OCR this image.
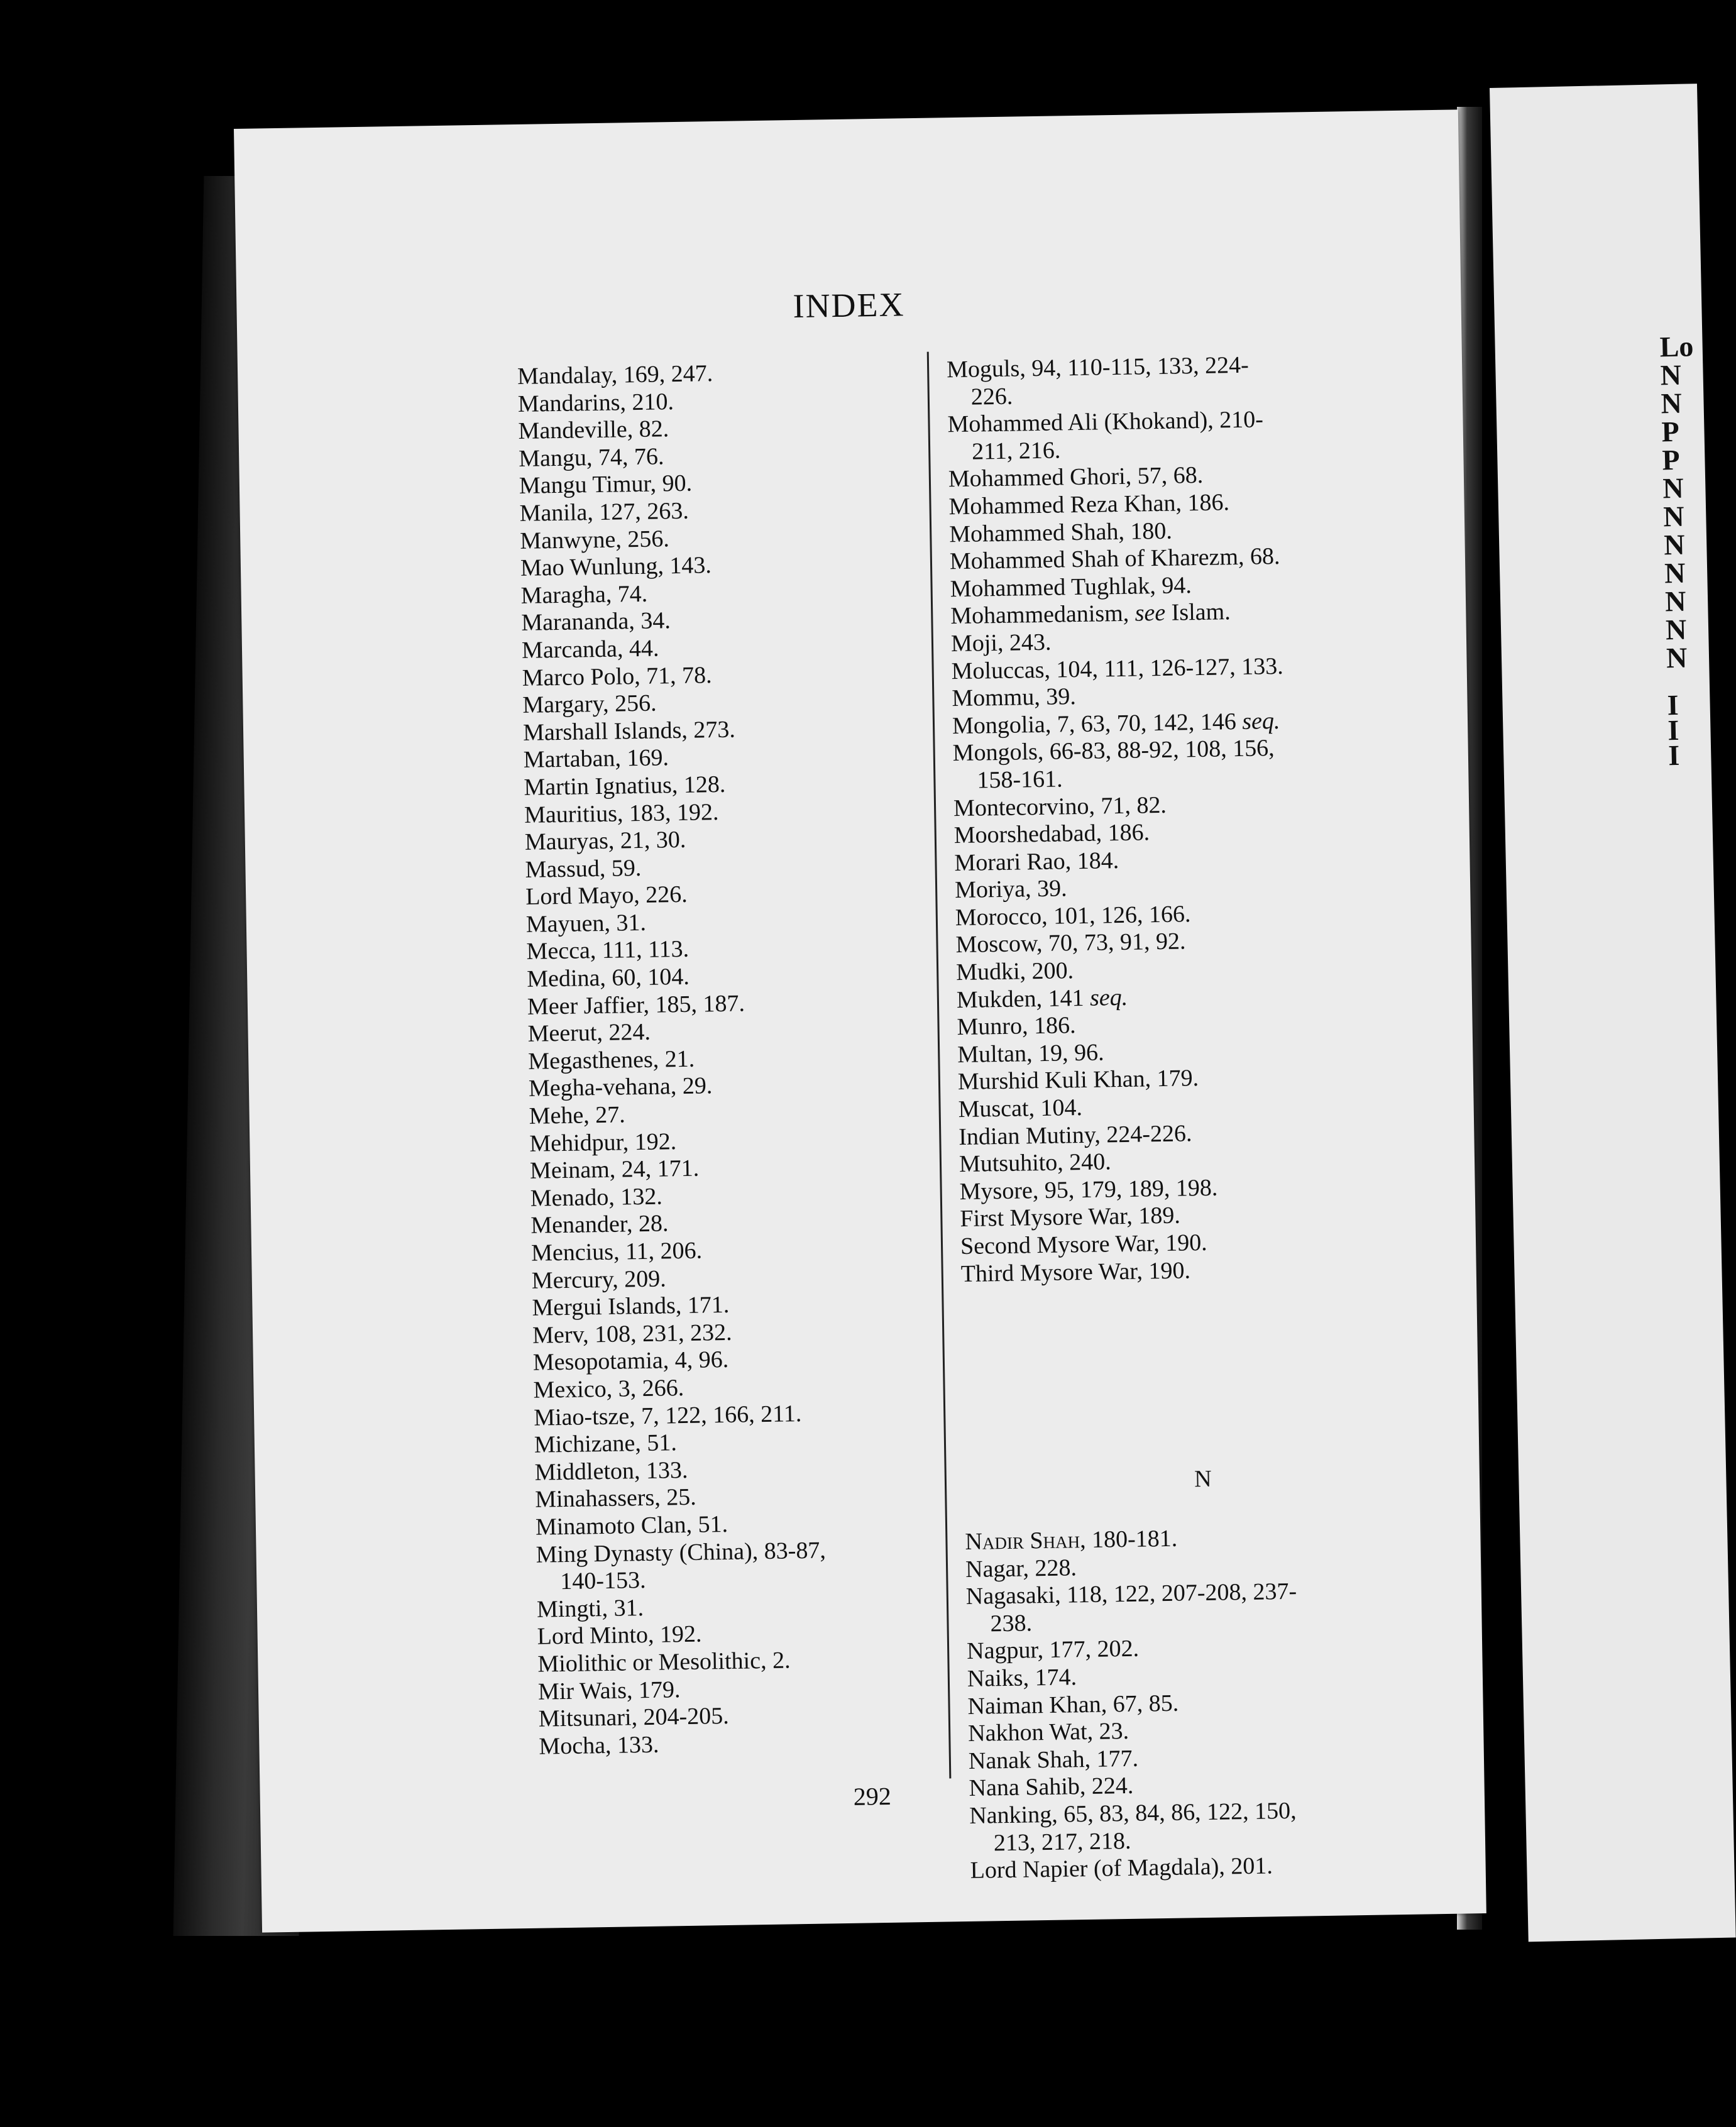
Lo
N
N
P
P
N
N
N
N
N
N
N
I
I
I
INDEX
Mandalay, 169, 247.
Mandarins, 210.
Mandeville, 82.
Mangu, 74, 76.
Mangu Timur, 90.
Manila, 127, 263.
Manwyne, 256.
Mao Wunlung, 143.
Maragha, 74.
Marananda, 34.
Marcanda, 44.
Marco Polo, 71, 78.
Margary, 256.
Marshall Islands, 273.
Martaban, 169.
Martin Ignatius, 128.
Mauritius, 183, 192.
Mauryas, 21, 30.
Massud, 59.
Lord Mayo, 226.
Mayuen, 31.
Mecca, 111, 113.
Medina, 60, 104.
Meer Jaffier, 185, 187.
Meerut, 224.
Megasthenes, 21.
Megha-vehana, 29.
Mehe, 27.
Mehidpur, 192.
Meinam, 24, 171.
Menado, 132.
Menander, 28.
Mencius, 11, 206.
Mercury, 209.
Mergui Islands, 171.
Merv, 108, 231, 232.
Mesopotamia, 4, 96.
Mexico, 3, 266.
Miao-tsze, 7, 122, 166, 211.
Michizane, 51.
Middleton, 133.
Minahassers, 25.
Minamoto Clan, 51.
Ming Dynasty (China), 83-87,
140-153.
Mingti, 31.
Lord Minto, 192.
Miolithic or Mesolithic, 2.
Mir Wais, 179.
Mitsunari, 204-205.
Mocha, 133.
Moguls, 94, 110-115, 133, 224-
226.
Mohammed Ali (Khokand), 210-
211, 216.
Mohammed Ghori, 57, 68.
Mohammed Reza Khan, 186.
Mohammed Shah, 180.
Mohammed Shah of Kharezm, 68.
Mohammed Tughlak, 94.
Mohammedanism, see Islam.
Moji, 243.
Moluccas, 104, 111, 126-127, 133.
Mommu, 39.
Mongolia, 7, 63, 70, 142, 146 seq.
Mongols, 66-83, 88-92, 108, 156,
158-161.
Montecorvino, 71, 82.
Moorshedabad, 186.
Morari Rao, 184.
Moriya, 39.
Morocco, 101, 126, 166.
Moscow, 70, 73, 91, 92.
Mudki, 200.
Mukden, 141 seq.
Munro, 186.
Multan, 19, 96.
Murshid Kuli Khan, 179.
Muscat, 104.
Indian Mutiny, 224-226.
Mutsuhito, 240.
Mysore, 95, 179, 189, 198.
First Mysore War, 189.
Second Mysore War, 190.
Third Mysore War, 190.
N
Nadir Shah, 180-181.
Nagar, 228.
Nagasaki, 118, 122, 207-208, 237-
238.
Nagpur, 177, 202.
Naiks, 174.
Naiman Khan, 67, 85.
Nakhon Wat, 23.
Nanak Shah, 177.
Nana Sahib, 224.
Nanking, 65, 83, 84, 86, 122, 150,
213, 217, 218.
Lord Napier (of Magdala), 201.
292
